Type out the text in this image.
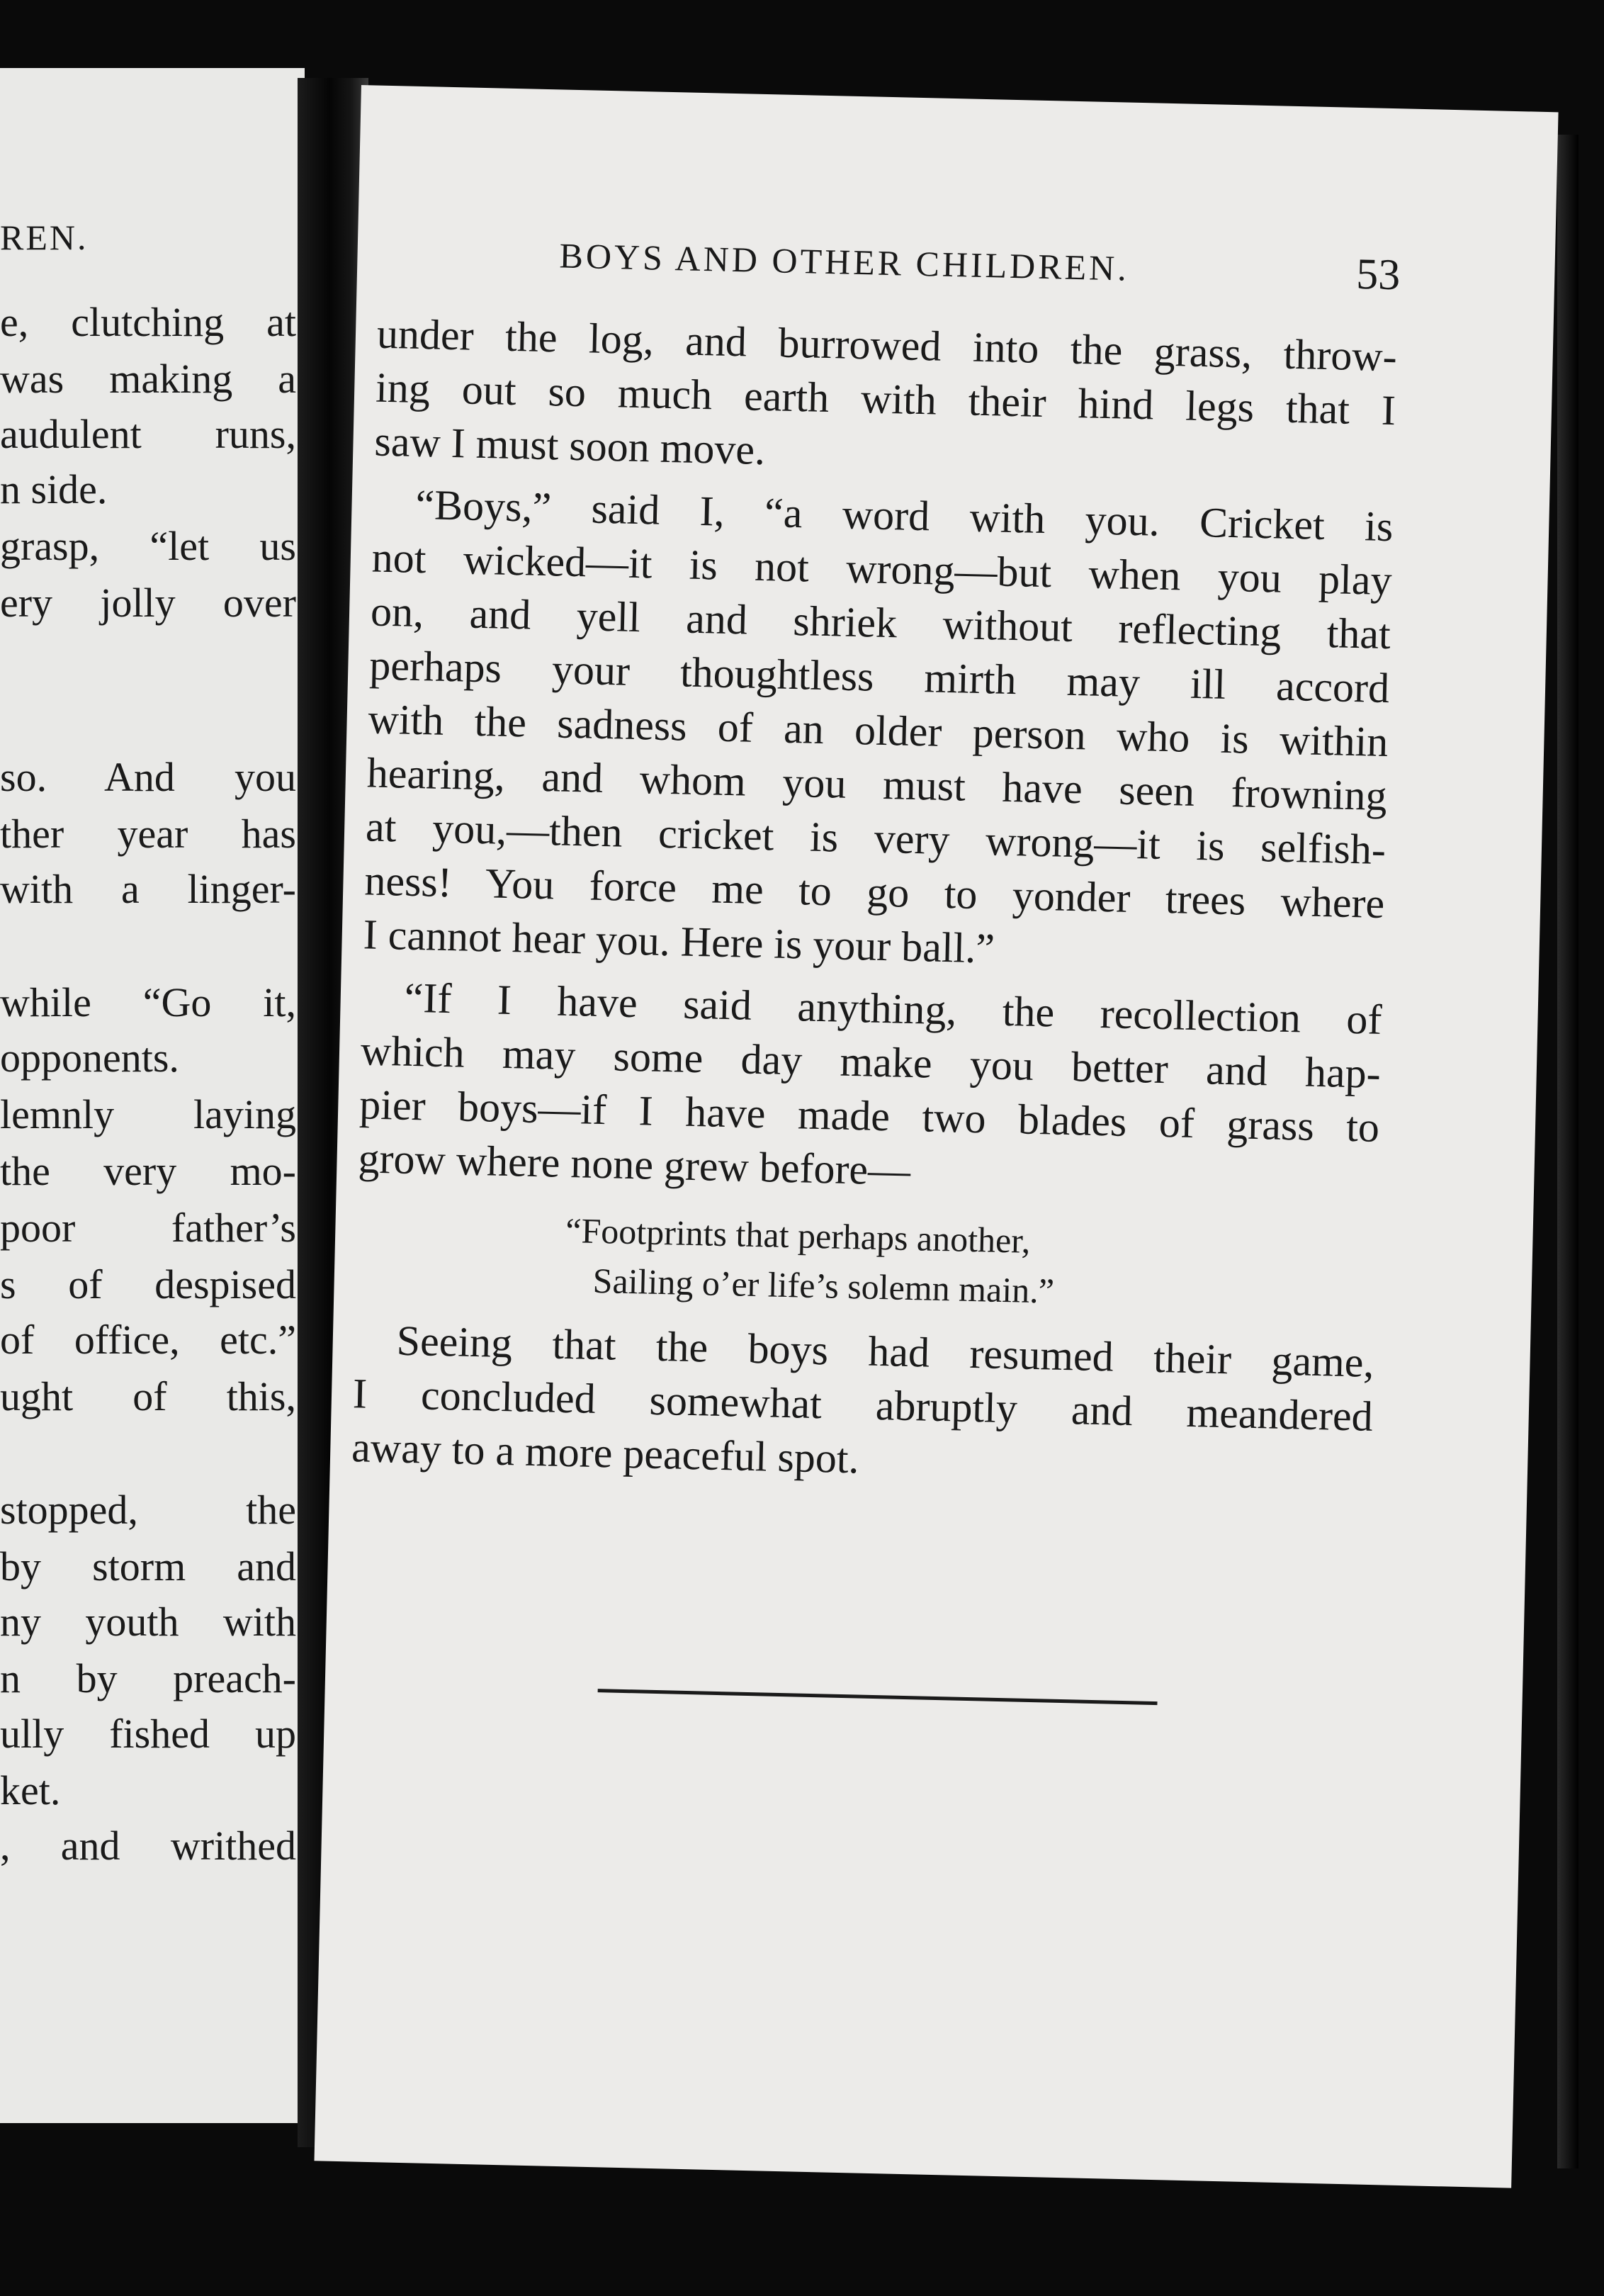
REN.
e, clutching at
was making a
audulent runs,
n side.
grasp, “let us
ery jolly over
so. And you
ther year has
with a linger-
while “Go it,
opponents.
lemnly laying
the very mo-
poor father’s
s of despised
of office, etc.”
ught of this,
stopped, the
by storm and
ny youth with
n by preach-
ully fished up
ket.
, and writhed
BOYS AND OTHER CHILDREN.	53
under the log, and burrowed into the grass, throw-
ing out so much earth with their hind legs that I
saw I must soon move.
“Boys,” said I, “a word with you. Cricket is
not wicked—it is not wrong—but when you play
on, and yell and shriek without reflecting that
perhaps your thoughtless mirth may ill accord
with the sadness of an older person who is within
hearing, and whom you must have seen frowning
at you,—then cricket is very wrong—it is selfish-
ness! You force me to go to yonder trees where
I cannot hear you. Here is your ball.”
“If I have said anything, the recollection of
which may some day make you better and hap-
pier boys—if I have made two blades of grass to
grow where none grew before—
“Footprints that perhaps another,
Sailing o’er life’s solemn main.”
Seeing that the boys had resumed their game,
I concluded somewhat abruptly and meandered
away to a more peaceful spot.
